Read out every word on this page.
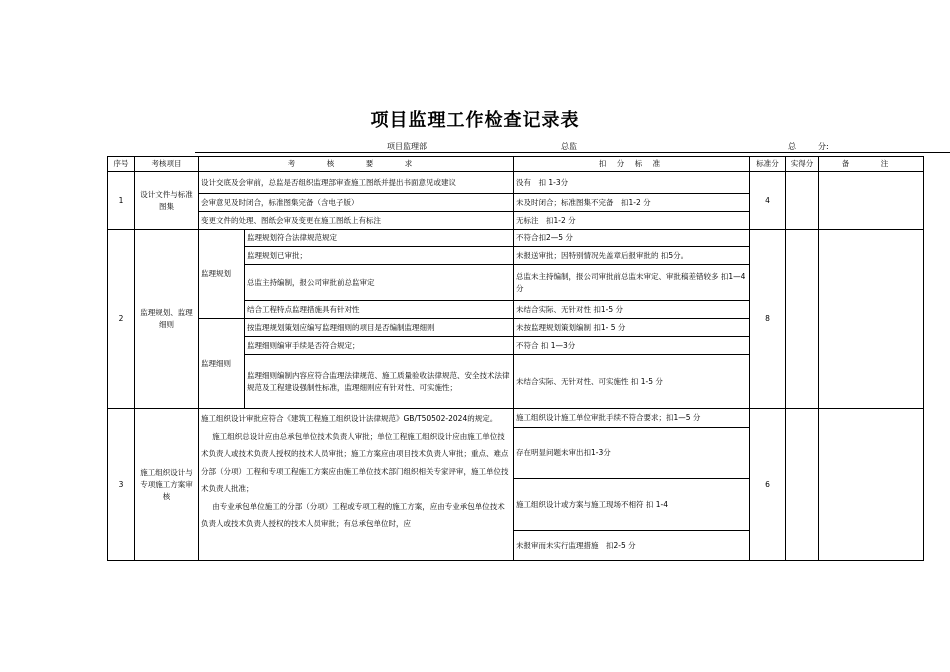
项目监理工作检查记录表
项目监理部	总监	总	分:
序号	考核项目	考　核　要　求		扣 分 标 准	标准分	实得分	备　注
1	设计文件与标准图集	设计交底及会审前，总监是否组织监理部审查施工图纸并提出书面意见或建议		没有　扣 1-3分	4		
		会审意见及时闭合，标准图集完备（含电子版）		未及时闭合；标准图集不完备　扣1-2 分			
		变更文件的处理、图纸会审及变更在施工图纸上有标注		无标注　扣1-2 分			
2	监理规划、监理细则	监理规划	监理规划符合法律规范规定	不符合扣2—5 分	8		
			监理规划已审批；	未报送审批；因特别情况先盖章后报审批的 扣5分。			
			总监主持编制，报公司审批前总监审定	总监未主持编制，报公司审批前总监未审定、审批稿差错较多 扣1—4分			
			结合工程特点监理措施具有针对性	未结合实际、无针对性 扣1-5 分			
		监理细则	按监理规划策划应编写监理细则的项目是否编制监理细则	未按监理规划策划编制 扣1- 5 分			
			监理细则编审手续是否符合规定；	不符合 扣 1—3分			
			监理细则编制内容应符合监理法律规范、施工质量验收法律规范、安全技术法律规范及工程建设强制性标准，监理细则应有针对性、可实施性；	未结合实际、无针对性、可实施性 扣 1-5 分			
3	施工组织设计与专项施工方案审核	施工组织设计审批应符合《建筑工程施工组织设计法律规范》GB/T50502-2024的规定。
施工组织总设计应由总承包单位技术负责人审批；单位工程施工组织设计应由施工单位技术负责人或技术负责人授权的技术人员审批；施工方案应由项目技术负责人审批；重点、难点分部（分项）工程和专项工程施工方案应由施工单位技术部门组织相关专家评审，施工单位技术负责人批准；
由专业承包单位施工的分部（分项）工程或专项工程的施工方案，应由专业承包单位技术负责人或技术负责人授权的技术人员审批；有总承包单位时，应		施工组织设计施工单位审批手续不符合要求；扣1—5 分	6		
				存在明显问题未审出扣1-3分			
				施工组织设计或方案与施工现场不相符 扣 1-4			
				未报审而未实行监理措施　扣2-5 分			
